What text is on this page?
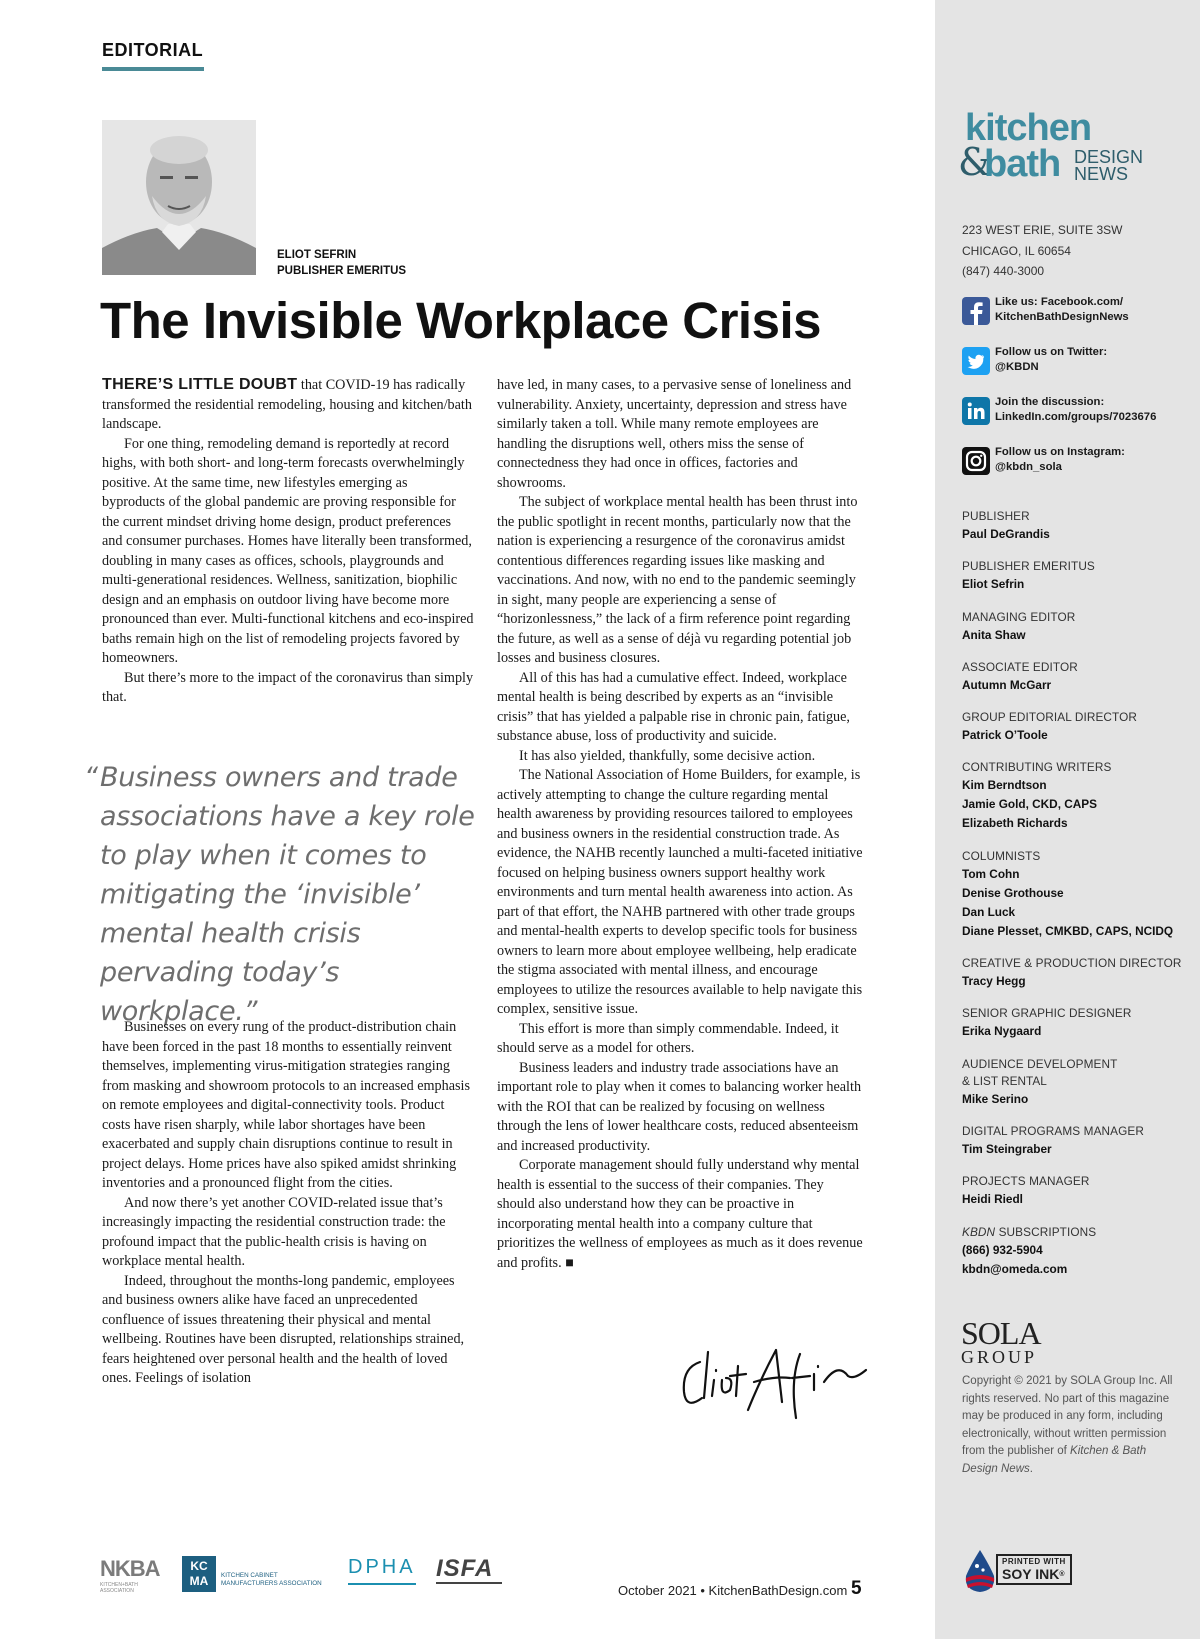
EDITORIAL
ELIOT SEFRIN
PUBLISHER EMERITUS
The Invisible Workplace Crisis

THERE’S LITTLE DOUBT that COVID-19 has radically transformed the residential remodeling, housing and kitchen/bath landscape.

For one thing, remodeling demand is reportedly at record highs, with both short- and long-term forecasts overwhelmingly positive. At the same time, new lifestyles emerging as byproducts of the global pandemic are proving responsible for the current mindset driving home design, product preferences and consumer purchases. Homes have literally been transformed, doubling in many cases as offices, schools, playgrounds and multi-generational residences. Wellness, sanitization, biophilic design and an emphasis on outdoor living have become more pronounced than ever. Multi-functional kitchens and eco-inspired baths remain high on the list of remodeling projects favored by homeowners.

But there’s more to the impact of the coronavirus than simply that.

“ Business owners and trade associations have a key role to play when it comes to mitigating the ‘invisible’ mental health crisis pervading today’s workplace.”

Businesses on every rung of the product-distribution chain have been forced in the past 18 months to essentially reinvent themselves, implementing virus-mitigation strategies ranging from masking and showroom protocols to an increased emphasis on remote employees and digital-connectivity tools. Product costs have risen sharply, while labor shortages have been exacerbated and supply chain disruptions continue to result in project delays. Home prices have also spiked amidst shrinking inventories and a pronounced flight from the cities.

And now there’s yet another COVID-related issue that’s increasingly impacting the residential construction trade: the profound impact that the public-health crisis is having on workplace mental health.

Indeed, throughout the months-long pandemic, employees and business owners alike have faced an unprecedented confluence of issues threatening their physical and mental wellbeing. Routines have been disrupted, relationships strained, fears heightened over personal health and the health of loved ones. Feelings of isolation

have led, in many cases, to a pervasive sense of loneliness and vulnerability. Anxiety, uncertainty, depression and stress have similarly taken a toll. While many remote employees are handling the disruptions well, others miss the sense of connectedness they had once in offices, factories and showrooms.

The subject of workplace mental health has been thrust into the public spotlight in recent months, particularly now that the nation is experiencing a resurgence of the coronavirus amidst contentious differences regarding issues like masking and vaccinations. And now, with no end to the pandemic seemingly in sight, many people are experiencing a sense of “horizonlessness,” the lack of a firm reference point regarding the future, as well as a sense of déjà vu regarding potential job losses and business closures.

All of this has had a cumulative effect. Indeed, workplace mental health is being described by experts as an “invisible crisis” that has yielded a palpable rise in chronic pain, fatigue, substance abuse, loss of productivity and suicide.

It has also yielded, thankfully, some decisive action.

The National Association of Home Builders, for example, is actively attempting to change the culture regarding mental health awareness by providing resources tailored to employees and business owners in the residential construction trade. As evidence, the NAHB recently launched a multi-faceted initiative focused on helping business owners support healthy work environments and turn mental health awareness into action. As part of that effort, the NAHB partnered with other trade groups and mental-health experts to develop specific tools for business owners to learn more about employee wellbeing, help eradicate the stigma associated with mental illness, and encourage employees to utilize the resources available to help navigate this complex, sensitive issue.

This effort is more than simply commendable. Indeed, it should serve as a model for others.

Business leaders and industry trade associations have an important role to play when it comes to balancing worker health with the ROI that can be realized by focusing on wellness through the lens of lower healthcare costs, reduced absenteeism and increased productivity.

Corporate management should fully understand why mental health is essential to the success of their companies. They should also understand how they can be proactive in incorporating mental health into a company culture that prioritizes the wellness of employees as much as it does revenue and profits. ■

NKBA
KITCHEN+BATH ASSOCIATION
KC
MA	KITCHEN CABINET
MANUFACTURERS ASSOCIATION
DPHA ISFA
October 2021 • KitchenBathDesign.com 5
kitchen
&
bath DESIGN
NEWS
223 WEST ERIE, SUITE 3SW
CHICAGO, IL 60654
(847) 440-3000
Like us: Facebook.com/
KitchenBathDesignNews
Follow us on Twitter:
@KBDN
Join the discussion:
LinkedIn.com/groups/7023676
Follow us on Instagram:
@kbdn_sola
PUBLISHER
Paul DeGrandis
PUBLISHER EMERITUS
Eliot Sefrin
MANAGING EDITOR
Anita Shaw
ASSOCIATE EDITOR
Autumn McGarr
GROUP EDITORIAL DIRECTOR
Patrick O’Toole
CONTRIBUTING WRITERS
Kim Berndtson
Jamie Gold, CKD, CAPS
Elizabeth Richards
COLUMNISTS
Tom Cohn
Denise Grothouse
Dan Luck
Diane Plesset, CMKBD, CAPS, NCIDQ
CREATIVE & PRODUCTION DIRECTOR
Tracy Hegg
SENIOR GRAPHIC DESIGNER
Erika Nygaard
AUDIENCE DEVELOPMENT
& LIST RENTAL
Mike Serino
DIGITAL PROGRAMS MANAGER
Tim Steingraber
PROJECTS MANAGER
Heidi Riedl
KBDN SUBSCRIPTIONS
(866) 932-5904
kbdn@omeda.com
SOLA
GROUP
Copyright © 2021 by SOLA Group Inc. All rights reserved. No part of this magazine may be produced in any form, including electronically, without written permission from the publisher of Kitchen & Bath Design News.
PRINTED WITH
SOY INK®
